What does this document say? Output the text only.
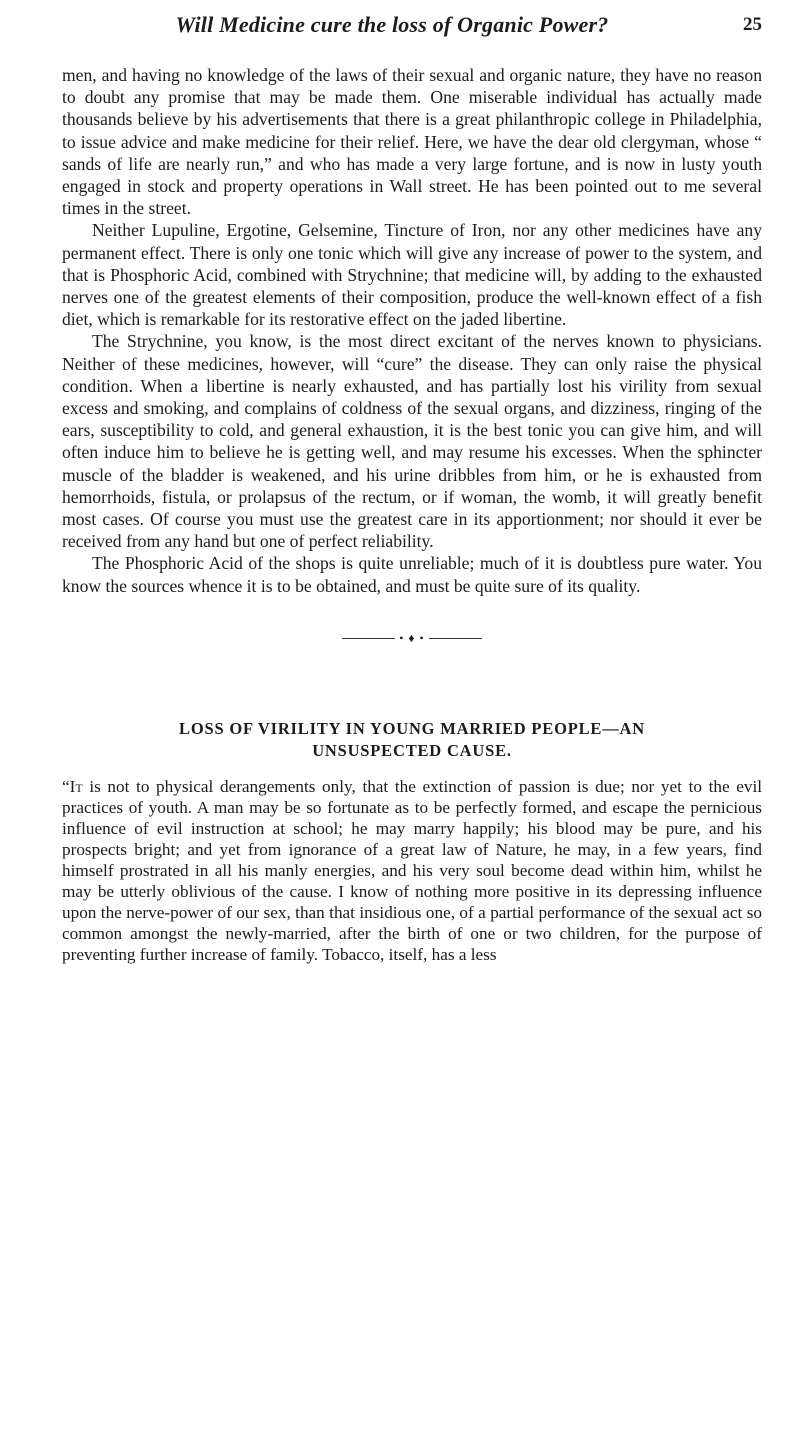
Will Medicine cure the loss of Organic Power?	25

men, and having no knowledge of the laws of their sexual and organic nature, they have no reason to doubt any promise that may be made them. One miserable individual has actually made thousands believe by his advertisements that there is a great philanthropic college in Philadelphia, to issue advice and make medicine for their relief. Here, we have the dear old clergyman, whose “ sands of life are nearly run,” and who has made a very large fortune, and is now in lusty youth engaged in stock and property operations in Wall street. He has been pointed out to me several times in the street.

Neither Lupuline, Ergotine, Gelsemine, Tincture of Iron, nor any other medicines have any permanent effect. There is only one tonic which will give any increase of power to the system, and that is Phosphoric Acid, combined with Strychnine; that medicine will, by adding to the exhausted nerves one of the greatest elements of their composition, produce the well-known effect of a fish diet, which is remarkable for its restorative effect on the jaded libertine.

The Strychnine, you know, is the most direct excitant of the nerves known to physicians. Neither of these medicines, however, will “cure” the disease. They can only raise the physical condition. When a libertine is nearly exhausted, and has partially lost his virility from sexual excess and smoking, and complains of coldness of the sexual organs, and dizziness, ringing of the ears, susceptibility to cold, and general exhaustion, it is the best tonic you can give him, and will often induce him to believe he is getting well, and may resume his excesses. When the sphincter muscle of the bladder is weakened, and his urine dribbles from him, or he is exhausted from hemorrhoids, fistula, or prolapsus of the rectum, or if woman, the womb, it will greatly benefit most cases. Of course you must use the greatest care in its apportionment; nor should it ever be received from any hand but one of perfect reliability.

The Phosphoric Acid of the shops is quite unreliable; much of it is doubtless pure water. You know the sources whence it is to be obtained, and must be quite sure of its quality.

• ♦ •
LOSS OF VIRILITY IN YOUNG MARRIED PEOPLE—AN
UNSUSPECTED CAUSE.

“It is not to physical derangements only, that the extinction of passion is due; nor yet to the evil practices of youth. A man may be so fortunate as to be perfectly formed, and escape the pernicious influence of evil instruction at school; he may marry happily; his blood may be pure, and his prospects bright; and yet from ignorance of a great law of Nature, he may, in a few years, find himself prostrated in all his manly energies, and his very soul become dead within him, whilst he may be utterly oblivious of the cause. I know of nothing more positive in its depressing influence upon the nerve-power of our sex, than that insidious one, of a partial performance of the sexual act so common amongst the newly-married, after the birth of one or two children, for the purpose of preventing further increase of family. Tobacco, itself, has a less
